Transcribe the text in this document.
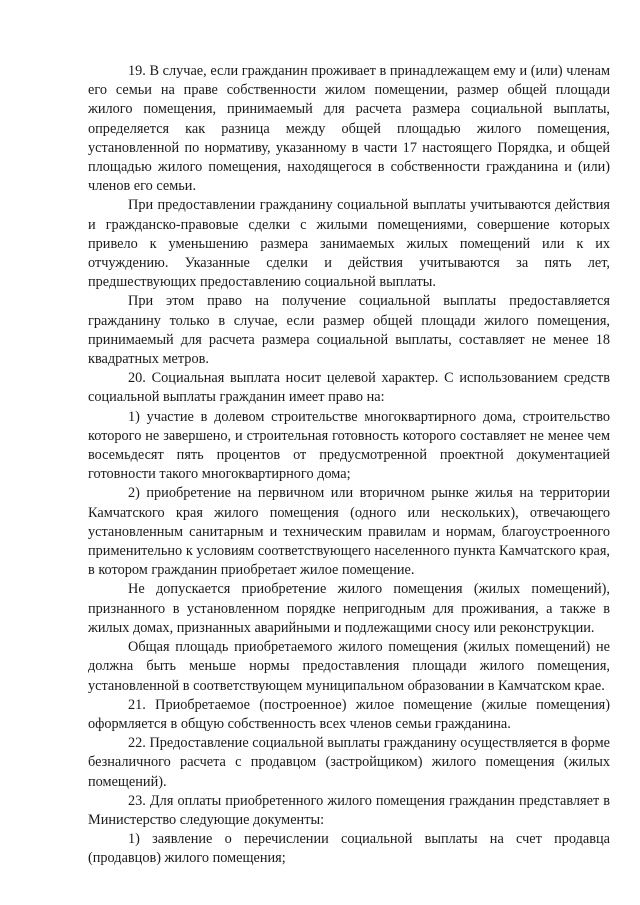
19. В случае, если гражданин проживает в принадлежащем ему и (или) членам его семьи на праве собственности жилом помещении, размер общей площади жилого помещения, принимаемый для расчета размера социальной выплаты, определяется как разница между общей площадью жилого помещения, установленной по нормативу, указанному в части 17 настоящего Порядка, и общей площадью жилого помещения, находящегося в собственности гражданина и (или) членов его семьи.

При предоставлении гражданину социальной выплаты учитываются действия и гражданско-правовые сделки с жилыми помещениями, совершение которых привело к уменьшению размера занимаемых жилых помещений или к их отчуждению. Указанные сделки и действия учитываются за пять лет, предшествующих предоставлению социальной выплаты.

При этом право на получение социальной выплаты предоставляется гражданину только в случае, если размер общей площади жилого помещения, принимаемый для расчета размера социальной выплаты, составляет не менее 18 квадратных метров.

20. Социальная выплата носит целевой характер. С использованием средств социальной выплаты гражданин имеет право на:

1) участие в долевом строительстве многоквартирного дома, строительство которого не завершено, и строительная готовность которого составляет не менее чем восемьдесят пять процентов от предусмотренной проектной документацией готовности такого многоквартирного дома;

2) приобретение на первичном или вторичном рынке жилья на территории Камчатского края жилого помещения (одного или нескольких), отвечающего установленным санитарным и техническим правилам и нормам, благоустроенного применительно к условиям соответствующего населенного пункта Камчатского края, в котором гражданин приобретает жилое помещение.

Не допускается приобретение жилого помещения (жилых помещений), признанного в установленном порядке непригодным для проживания, а также в жилых домах, признанных аварийными и подлежащими сносу или реконструкции.

Общая площадь приобретаемого жилого помещения (жилых помещений) не должна быть меньше нормы предоставления площади жилого помещения, установленной в соответствующем муниципальном образовании в Камчатском крае.

21. Приобретаемое (построенное) жилое помещение (жилые помещения) оформляется в общую собственность всех членов семьи гражданина.

22. Предоставление социальной выплаты гражданину осуществляется в форме безналичного расчета с продавцом (застройщиком) жилого помещения (жилых помещений).

23. Для оплаты приобретенного жилого помещения гражданин представляет в Министерство следующие документы:

1) заявление о перечислении социальной выплаты на счет продавца (продавцов) жилого помещения;
